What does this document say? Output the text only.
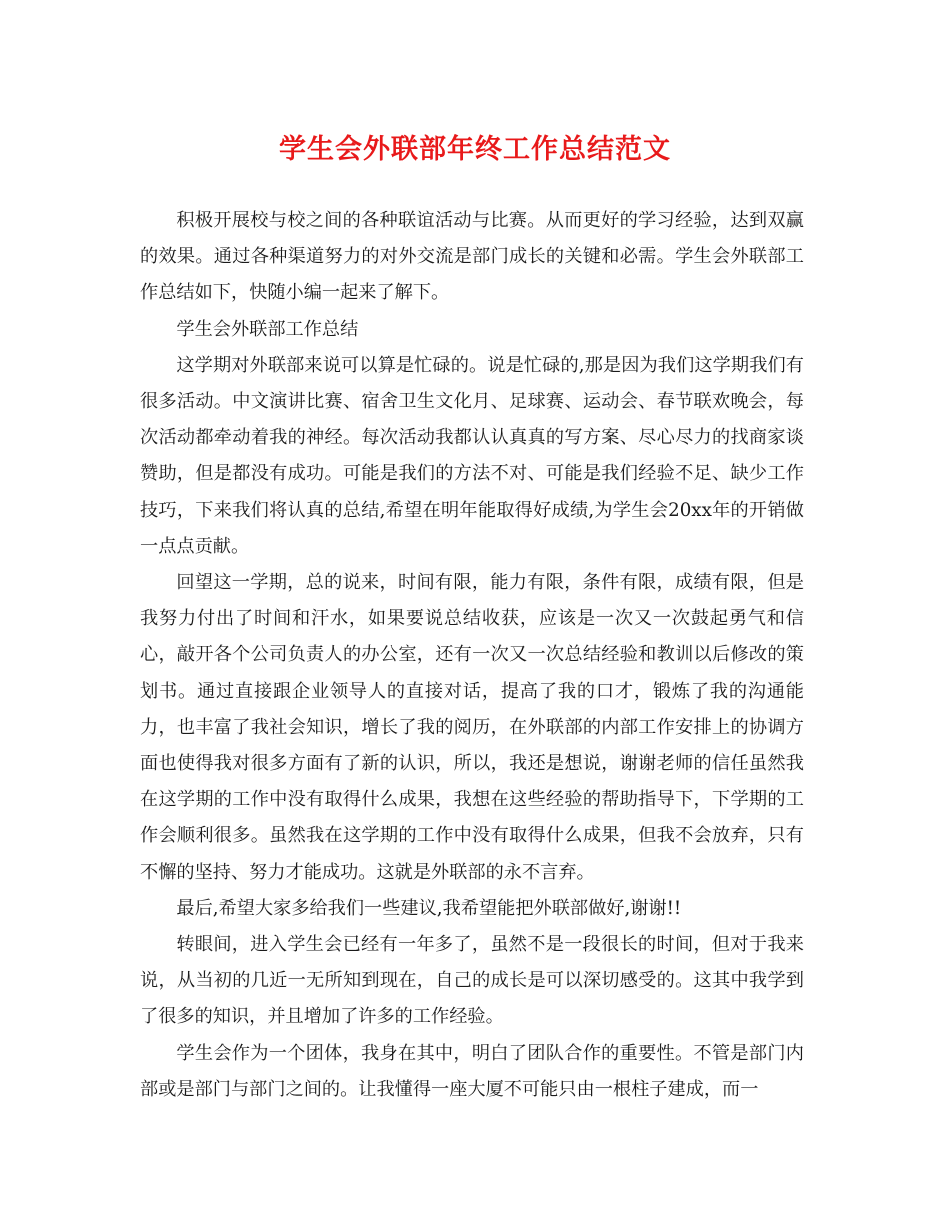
学生会外联部年终工作总结范文

积极开展校与校之间的各种联谊活动与比赛。从而更好的学习经验，达到双赢的效果。通过各种渠道努力的对外交流是部门成长的关键和必需。学生会外联部工作总结如下，快随小编一起来了解下。

学生会外联部工作总结

这学期对外联部来说可以算是忙碌的。说是忙碌的,那是因为我们这学期我们有很多活动。中文演讲比赛、宿舍卫生文化月、足球赛、运动会、春节联欢晚会，每次活动都牵动着我的神经。每次活动我都认认真真的写方案、尽心尽力的找商家谈赞助，但是都没有成功。可能是我们的方法不对、可能是我们经验不足、缺少工作技巧，下来我们将认真的总结,希望在明年能取得好成绩,为学生会20xx年的开销做一点点贡献。

回望这一学期，总的说来，时间有限，能力有限，条件有限，成绩有限，但是我努力付出了时间和汗水，如果要说总结收获，应该是一次又一次鼓起勇气和信心，敲开各个公司负责人的办公室，还有一次又一次总结经验和教训以后修改的策划书。通过直接跟企业领导人的直接对话，提高了我的口才，锻炼了我的沟通能力，也丰富了我社会知识，增长了我的阅历，在外联部的内部工作安排上的协调方面也使得我对很多方面有了新的认识，所以，我还是想说，谢谢老师的信任虽然我在这学期的工作中没有取得什么成果，我想在这些经验的帮助指导下，下学期的工作会顺利很多。虽然我在这学期的工作中没有取得什么成果，但我不会放弃，只有不懈的坚持、努力才能成功。这就是外联部的永不言弃。

最后,希望大家多给我们一些建议,我希望能把外联部做好,谢谢!!

转眼间，进入学生会已经有一年多了，虽然不是一段很长的时间，但对于我来说，从当初的几近一无所知到现在，自己的成长是可以深切感受的。这其中我学到了很多的知识，并且增加了许多的工作经验。

学生会作为一个团体，我身在其中，明白了团队合作的重要性。不管是部门内部或是部门与部门之间的。让我懂得一座大厦不可能只由一根柱子建成，而一
